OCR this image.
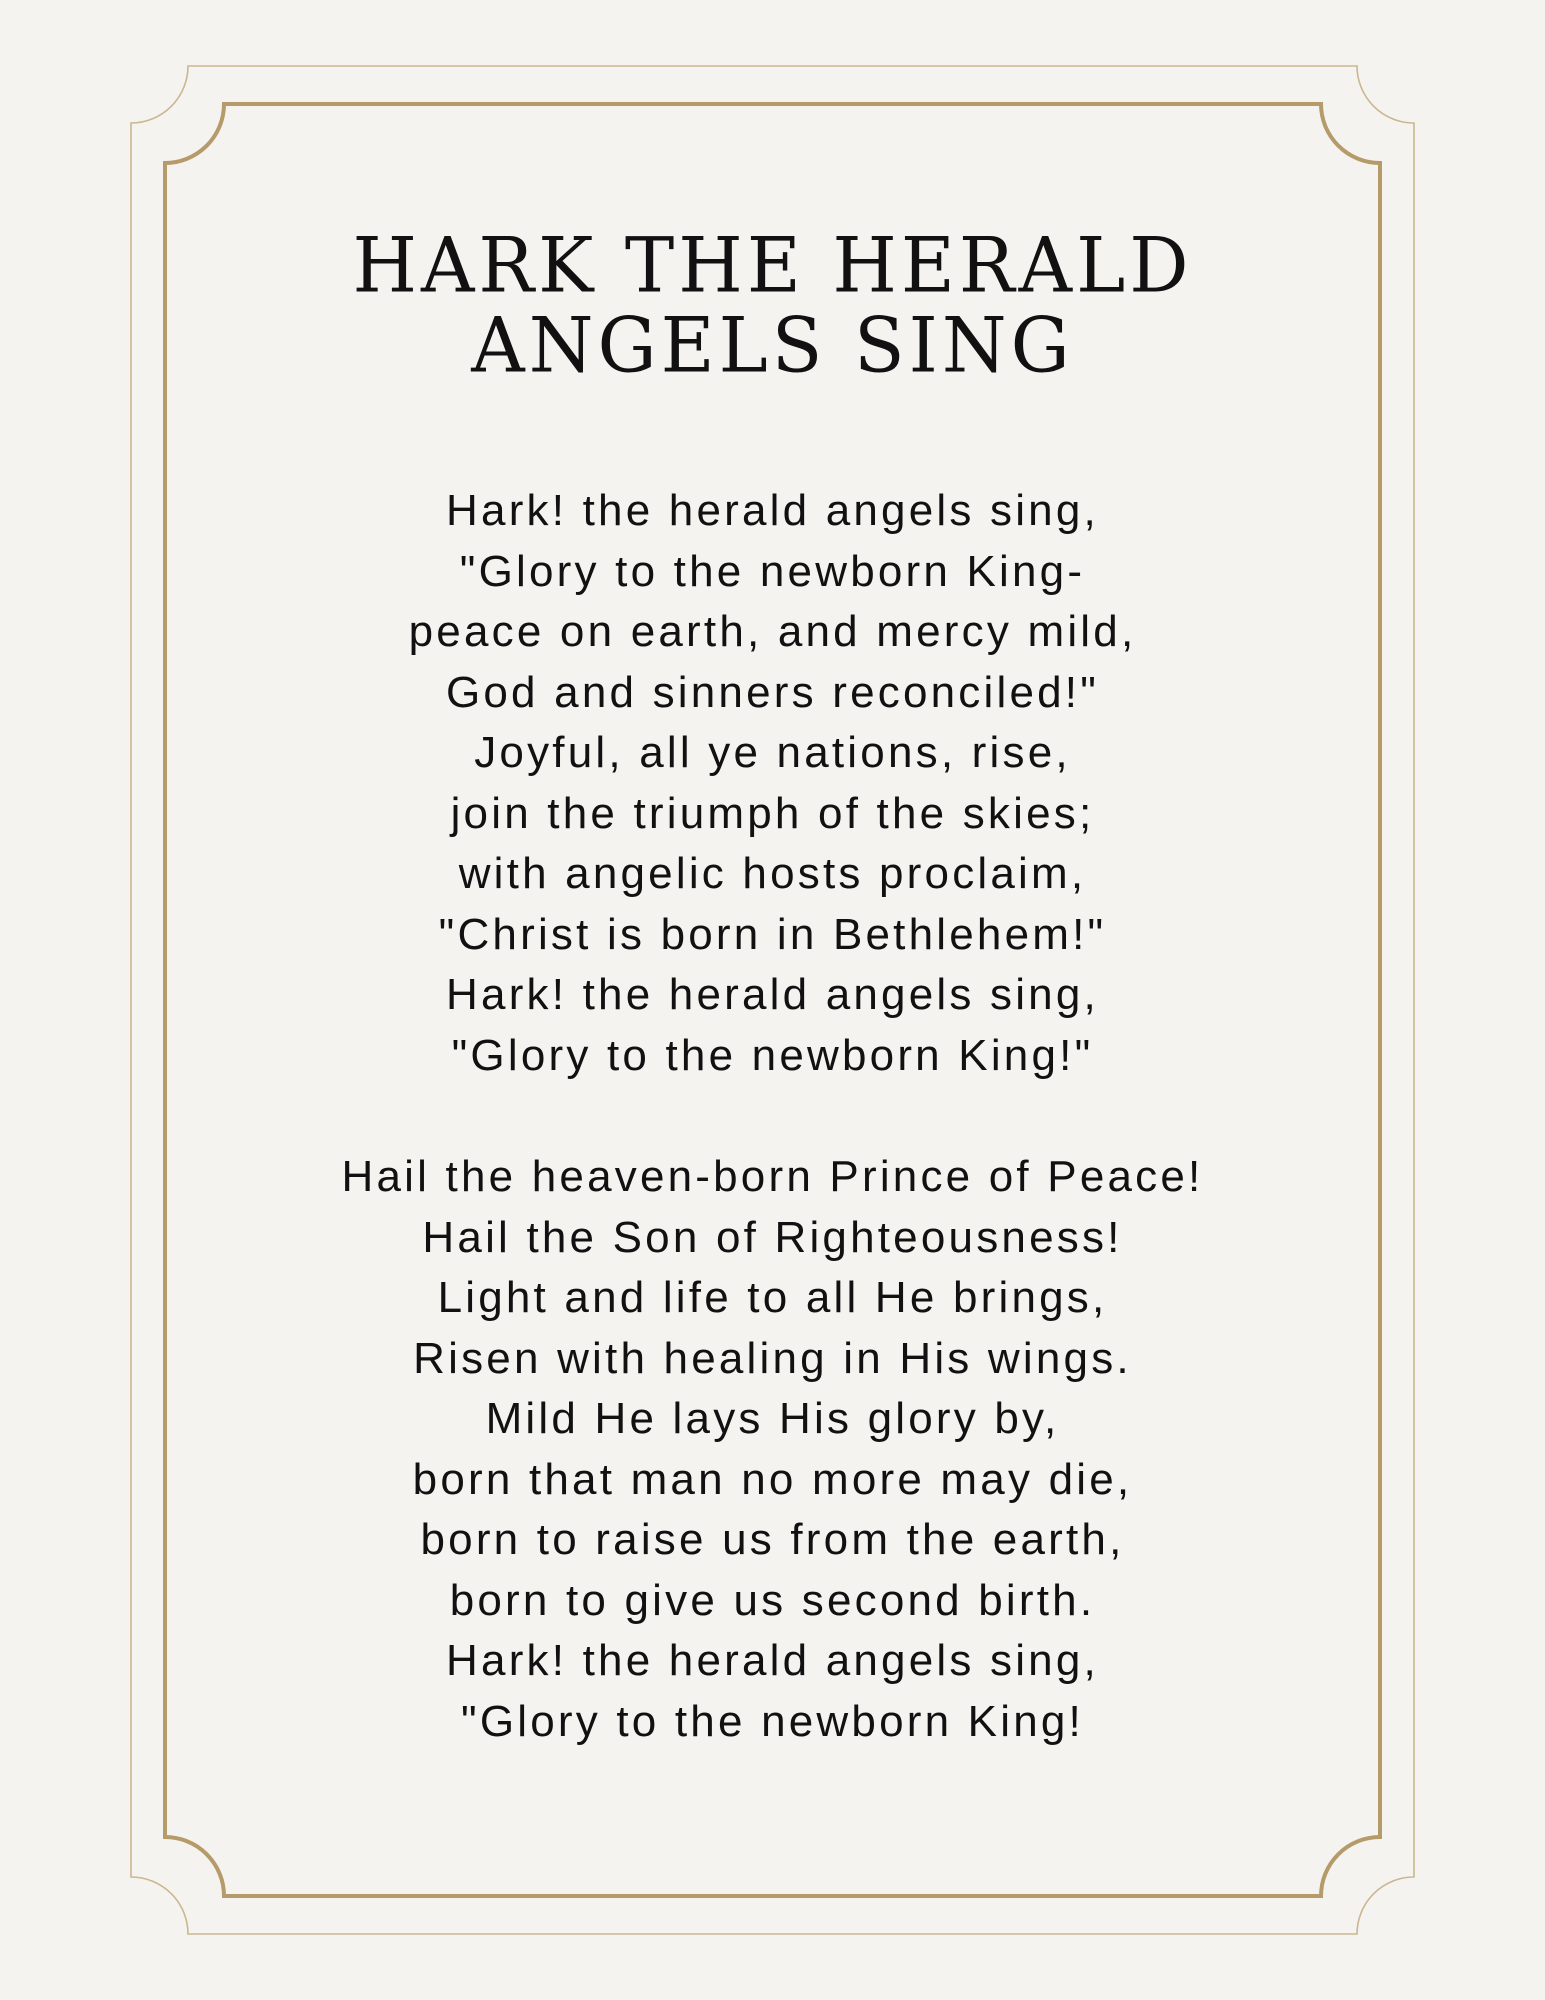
HARK THE HERALD
ANGELS SING
Hark! the herald angels sing,
"Glory to the newborn King-
peace on earth, and mercy mild,
God and sinners reconciled!"
Joyful, all ye nations, rise,
join the triumph of the skies;
with angelic hosts proclaim,
"Christ is born in Bethlehem!"
Hark! the herald angels sing,
"Glory to the newborn King!"
Hail the heaven-born Prince of Peace!
Hail the Son of Righteousness!
Light and life to all He brings,
Risen with healing in His wings.
Mild He lays His glory by,
born that man no more may die,
born to raise us from the earth,
born to give us second birth.
Hark! the herald angels sing,
"Glory to the newborn King!
